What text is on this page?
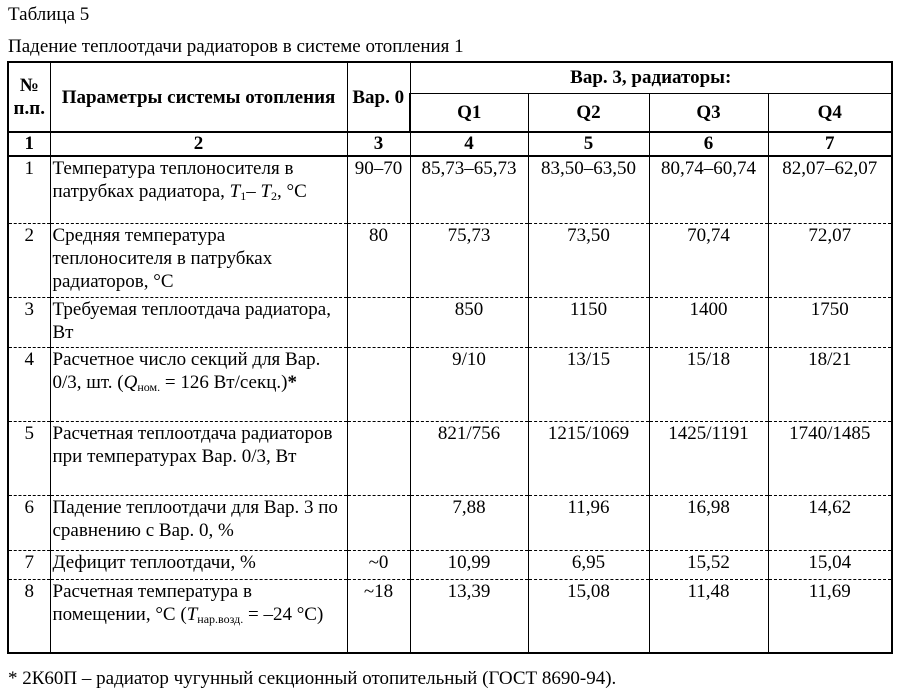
Таблица 5
Падение теплоотдачи радиаторов в системе отопления 1
№ п.п.	Параметры системы отопления	Вар. 0	Вар. 3, радиаторы:			
			Q1	Q2	Q3	Q4
1	2	3	4	5	6	7
1	Температура теплоносителя в патрубках радиатора, $T_1-$ $T_2$, °С	90–70	85,73–65,73	83,50–63,50	80,74–60,74	82,07–62,07
2	Средняя температура теплоносителя в патрубках радиаторов, °С	80	75,73	73,50	70,74	72,07
3	Требуемая теплоотдача радиатора, Вт		850	1150	1400	1750
4	Расчетное число секций для Вар. 0/3, шт. ($Q_{ном.} = 126$ Вт/секц.)*		9/10	13/15	15/18	18/21
5	Расчетная теплоотдача радиаторов при температурах Вар. 0/3, Вт		821/756	1215/1069	1425/1191	1740/1485
6	Падение теплоотдачи для Вар. 3 по сравнению с Вар. 0, %		7,88	11,96	16,98	14,62
7	Дефицит теплоотдачи, %	~0	10,99	6,95	15,52	15,04
8	Расчетная температура в помещении, °С ($T_{нар.возд.} = -24$ °С)	~18	13,39	15,08	11,48	11,69
* 2К60П – радиатор чугунный секционный отопительный (ГОСТ 8690-94).
